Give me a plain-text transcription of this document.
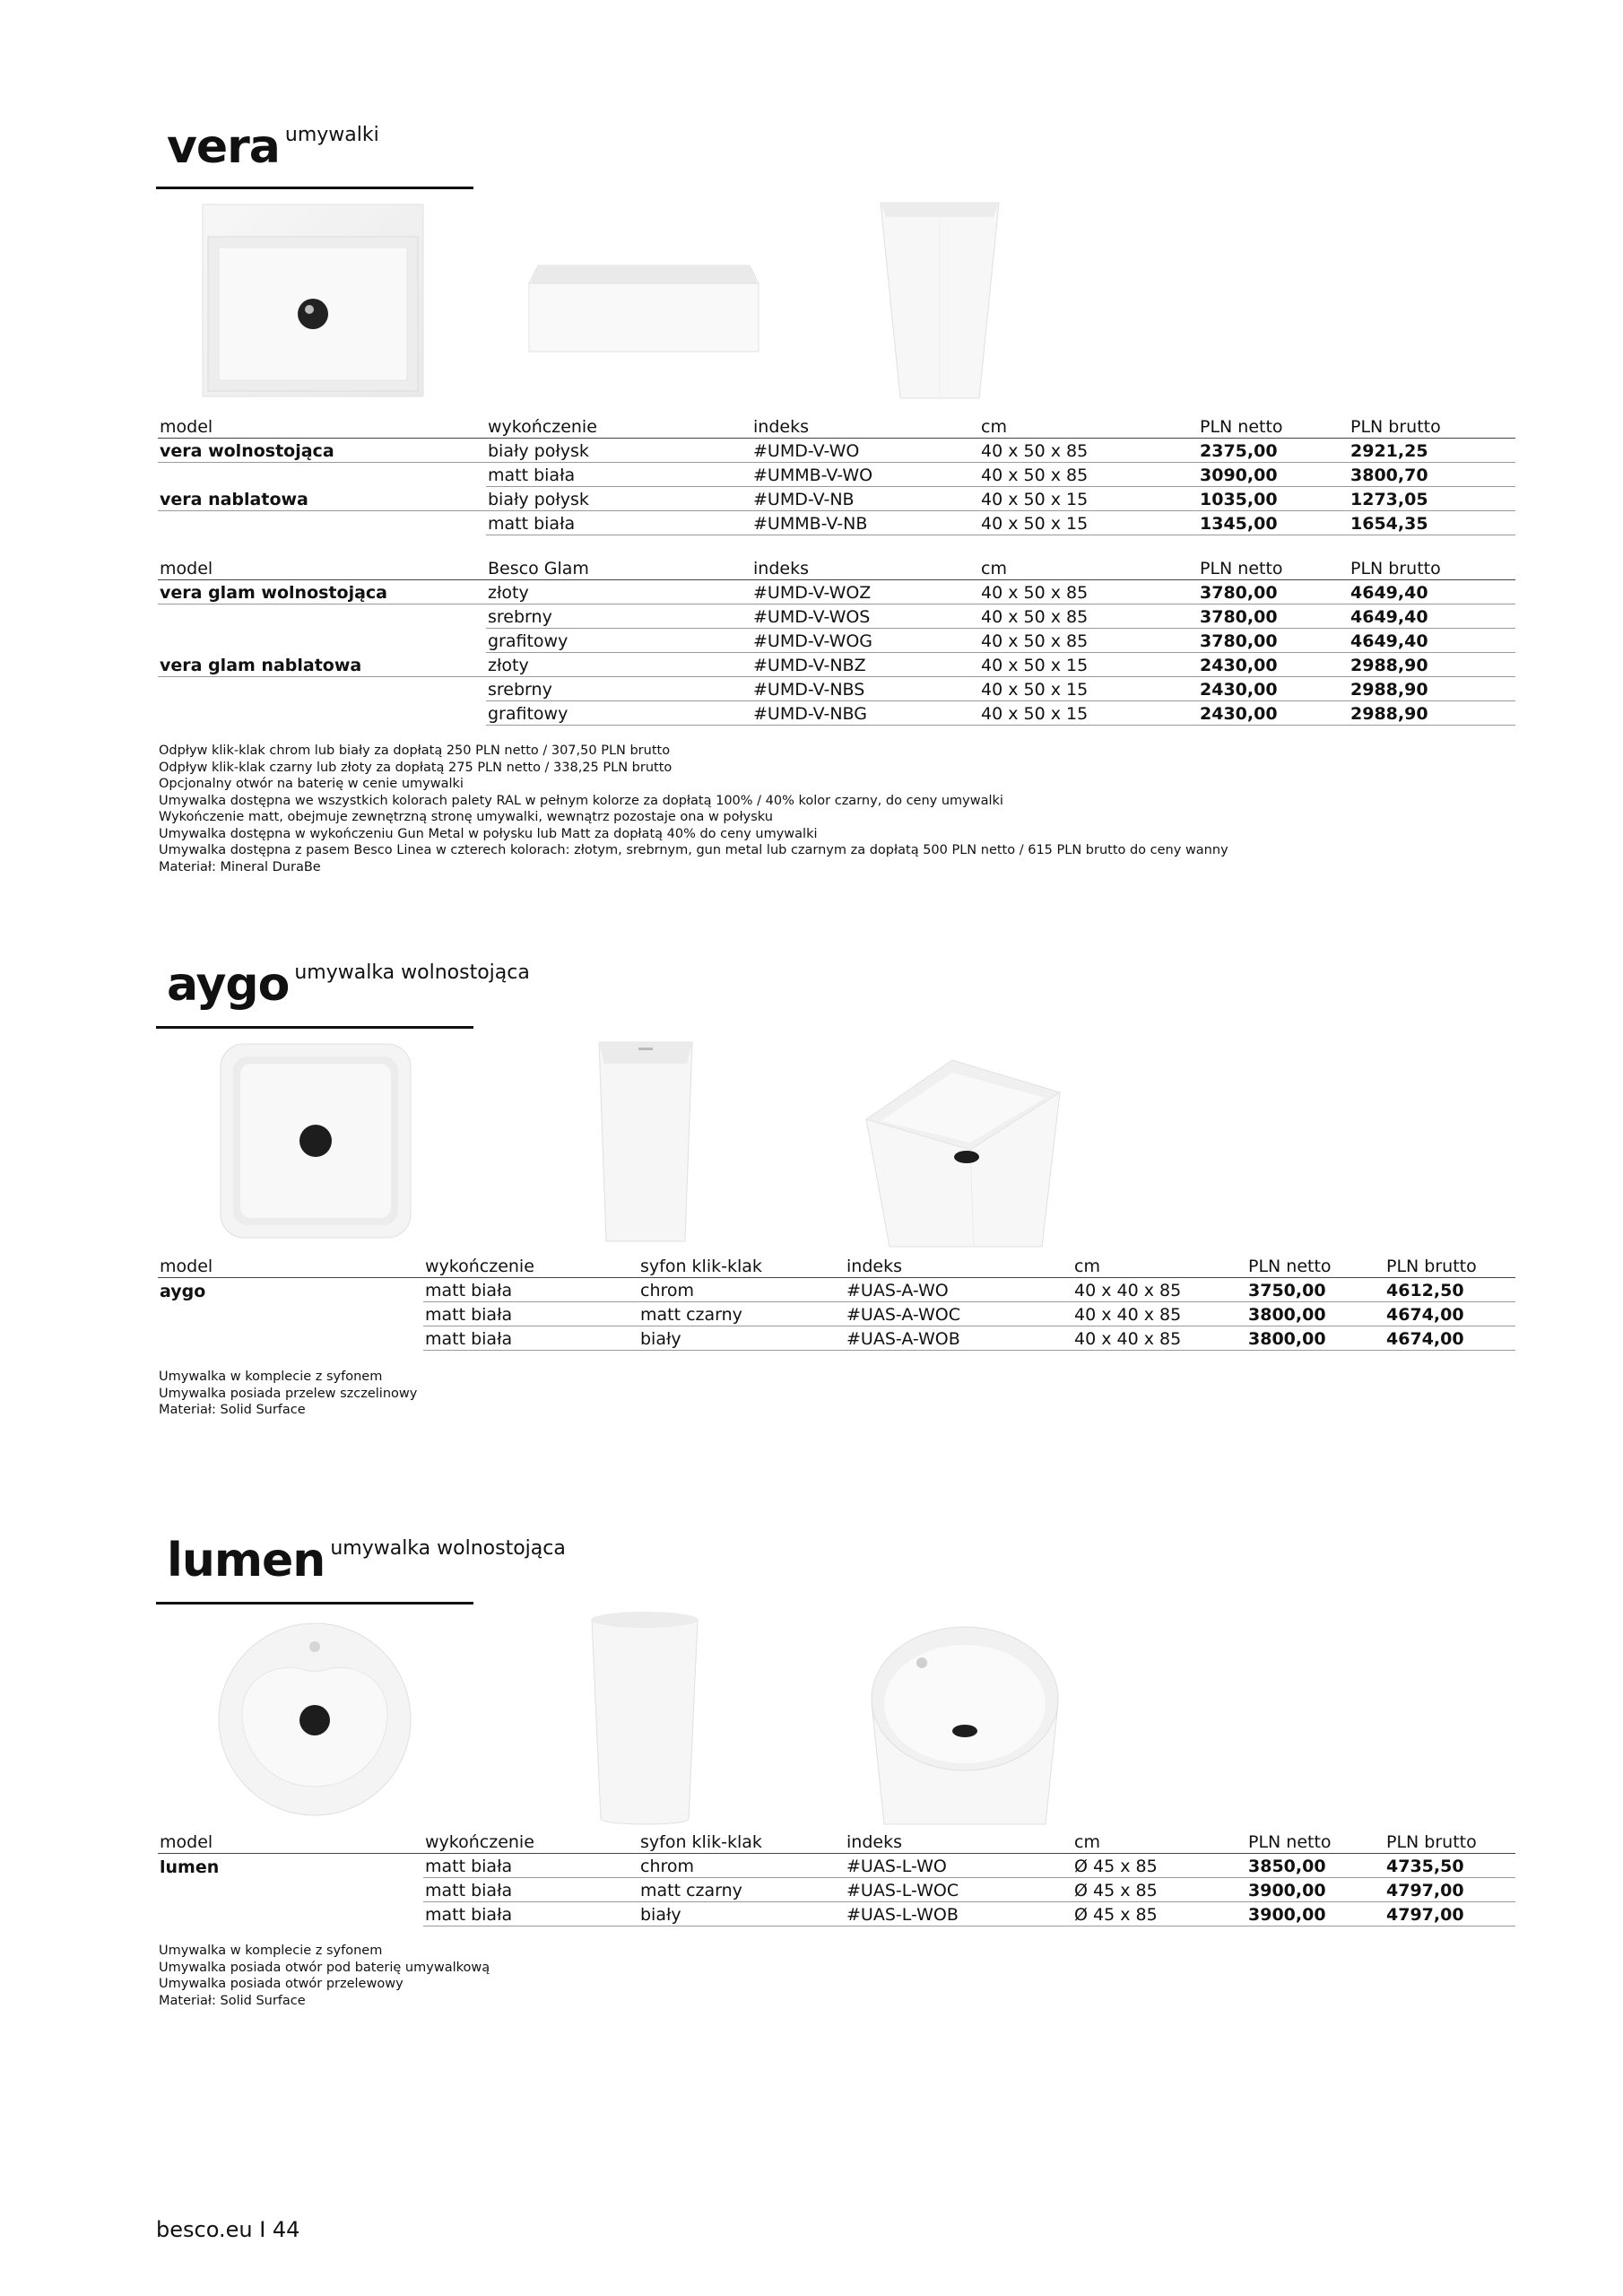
vera umywalki
model	wykończenie	indeks	cm	PLN netto	PLN brutto
vera wolnostojąca	biały połysk	#UMD-V-WO	40 x 50 x 85	2375,00	2921,25
	matt biała	#UMMB-V-WO	40 x 50 x 85	3090,00	3800,70
vera nablatowa	biały połysk	#UMD-V-NB	40 x 50 x 15	1035,00	1273,05
	matt biała	#UMMB-V-NB	40 x 50 x 15	1345,00	1654,35
model	Besco Glam	indeks	cm	PLN netto	PLN brutto
vera glam wolnostojąca	złoty	#UMD-V-WOZ	40 x 50 x 85	3780,00	4649,40
	srebrny	#UMD-V-WOS	40 x 50 x 85	3780,00	4649,40
	grafitowy	#UMD-V-WOG	40 x 50 x 85	3780,00	4649,40
vera glam nablatowa	złoty	#UMD-V-NBZ	40 x 50 x 15	2430,00	2988,90
	srebrny	#UMD-V-NBS	40 x 50 x 15	2430,00	2988,90
	grafitowy	#UMD-V-NBG	40 x 50 x 15	2430,00	2988,90
Odpływ klik-klak chrom lub biały za dopłatą 250 PLN netto / 307,50 PLN brutto
Odpływ klik-klak czarny lub złoty za dopłatą 275 PLN netto / 338,25 PLN brutto
Opcjonalny otwór na baterię w cenie umywalki
Umywalka dostępna we wszystkich kolorach palety RAL w pełnym kolorze za dopłatą 100% / 40% kolor czarny, do ceny umywalki
Wykończenie matt, obejmuje zewnętrzną stronę umywalki, wewnątrz pozostaje ona w połysku
Umywalka dostępna w wykończeniu Gun Metal w połysku lub Matt za dopłatą 40% do ceny umywalki
Umywalka dostępna z pasem Besco Linea w czterech kolorach: złotym, srebrnym, gun metal lub czarnym za dopłatą 500 PLN netto / 615 PLN brutto do ceny wanny
Materiał: Mineral DuraBe
aygo umywalka wolnostojąca
model	wykończenie	syfon klik-klak	indeks	cm	PLN netto	PLN brutto
aygo	matt biała	chrom	#UAS-A-WO	40 x 40 x 85	3750,00	4612,50
	matt biała	matt czarny	#UAS-A-WOC	40 x 40 x 85	3800,00	4674,00
	matt biała	biały	#UAS-A-WOB	40 x 40 x 85	3800,00	4674,00
Umywalka w komplecie z syfonem
Umywalka posiada przelew szczelinowy
Materiał: Solid Surface
lumen umywalka wolnostojąca
model	wykończenie	syfon klik-klak	indeks	cm	PLN netto	PLN brutto
lumen	matt biała	chrom	#UAS-L-WO	Ø 45 x 85	3850,00	4735,50
	matt biała	matt czarny	#UAS-L-WOC	Ø 45 x 85	3900,00	4797,00
	matt biała	biały	#UAS-L-WOB	Ø 45 x 85	3900,00	4797,00
Umywalka w komplecie z syfonem
Umywalka posiada otwór pod baterię umywalkową
Umywalka posiada otwór przelewowy
Materiał: Solid Surface
besco.eu I 44
